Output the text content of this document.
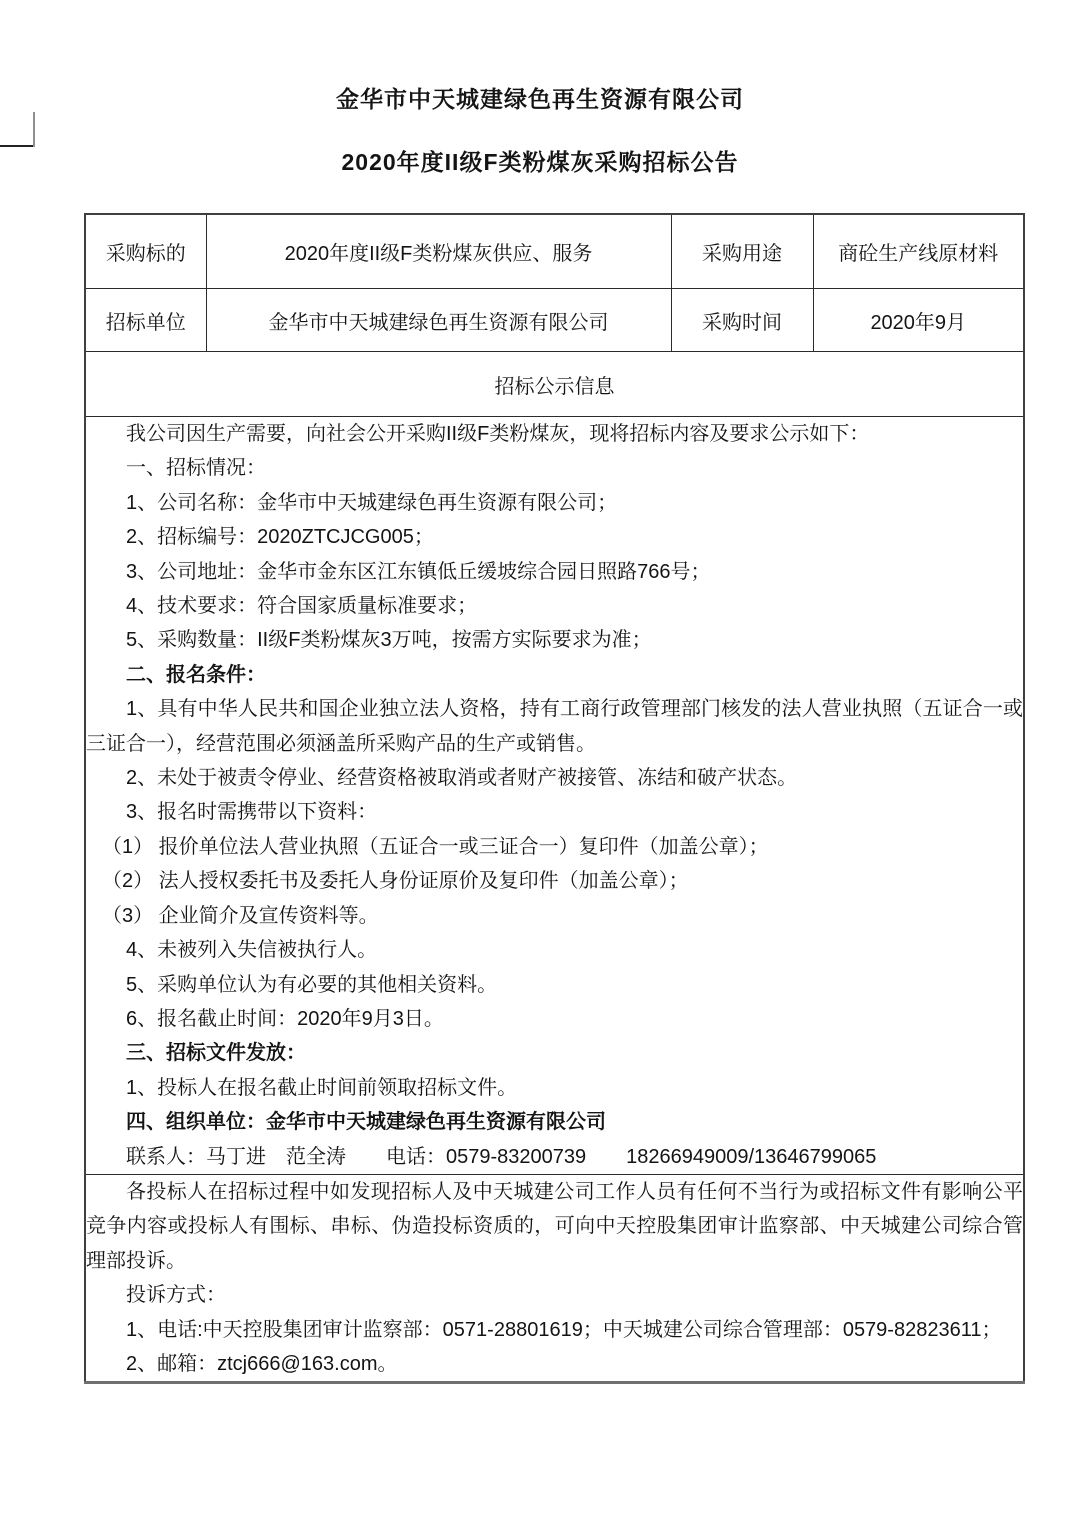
金华市中天城建绿色再生资源有限公司
2020年度II级F类粉煤灰采购招标公告
采购标的	2020年度II级F类粉煤灰供应、服务	采购用途	商砼生产线原材料
招标单位	金华市中天城建绿色再生资源有限公司	采购时间	2020年9月
招标公示信息			

我公司因生产需要，向社会公开采购II级F类粉煤灰，现将招标内容及要求公示如下：

一、招标情况：

1、公司名称：金华市中天城建绿色再生资源有限公司；

2、招标编号：2020ZTCJCG005；

3、公司地址：金华市金东区江东镇低丘缓坡综合园日照路766号；

4、技术要求：符合国家质量标准要求；

5、采购数量：II级F类粉煤灰3万吨，按需方实际要求为准；

二、报名条件：

1、具有中华人民共和国企业独立法人资格，持有工商行政管理部门核发的法人营业执照（五证合一或三证合一），经营范围必须涵盖所采购产品的生产或销售。

2、未处于被责令停业、经营资格被取消或者财产被接管、冻结和破产状态。

3、报名时需携带以下资料：

（1） 报价单位法人营业执照（五证合一或三证合一）复印件（加盖公章）；

（2） 法人授权委托书及委托人身份证原价及复印件（加盖公章）；

（3） 企业简介及宣传资料等。

4、未被列入失信被执行人。

5、采购单位认为有必要的其他相关资料。

6、报名截止时间：2020年9月3日。

三、招标文件发放：

1、投标人在报名截止时间前领取招标文件。

四、组织单位：金华市中天城建绿色再生资源有限公司

联系人：马丁进　范全涛　　电话：0579-83200739　　18266949009/13646799065

各投标人在招标过程中如发现招标人及中天城建公司工作人员有任何不当行为或招标文件有影响公平竞争内容或投标人有围标、串标、伪造投标资质的，可向中天控股集团审计监察部、中天城建公司综合管理部投诉。

投诉方式：

1、电话:中天控股集团审计监察部：0571-28801619；中天城建公司综合管理部：0579-82823611；

2、邮箱：ztcj666@163.com。			
